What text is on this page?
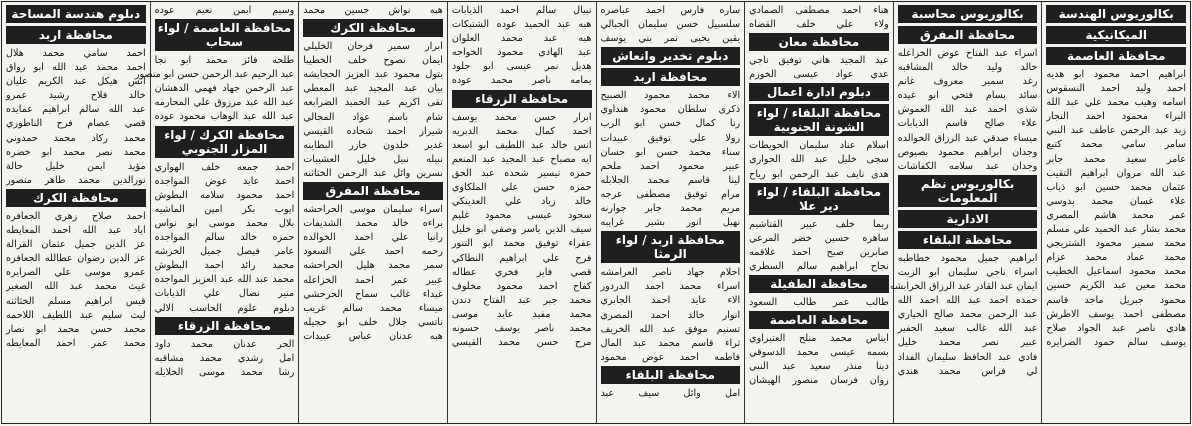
بكالوريوس الهندسة
الميكانيكية
محافظة العاصمة
ابراهيم احمد محمود ابو هديه
احمد وليد احمد النسقوس
اسامه وهيب محمد علي عبد الله
البراء محمود احمد النجار
زيد عبد الرحمن عاطف عبد النبي
سامر سامي محمد كتيع
عامر سعيد محمد جابر
عبد الله مروان ابراهيم التقيب
عثمان محمد حسين ابو ذياب
علاء غسان محمد بدوسي
عمر محمد هاشم المصري
محمد بشار عبد الحميد علي مسلم
محمد سمير محمود الشتريجي
محمد عماد محمد عزام
محمد محمود اسماعيل الخطيب
محمد معين عبد الكريم حسين
محمود جبريل ماجد قاسم
مصطفى احمد يوسف الاطرش
هادي ناصر عبد الجواد صلاح
يوسف سالم حمود الصرايره
بكالوريوس محاسبة
محافظة المفرق
اسراء عبد الفتاح عوض الخزاعله
خالد وليد خالد المشاقبه
رغد سمير معروف غانم
سائد بسام فتحي ابو غيده
شذى احمد عبد الله العموش
علاء صالح قاسم الذيابات
ميساء صدقي عبد الرزاق الخوالده
وجدان ابراهيم محمود بصيوص
وجدان عبد سلامه الكفاشات
بكالوريوس نظم المعلومات
الادارية
محافظة البلقاء
ابراهيم جميل محمود خطاطبه
اسراء ناجي سليمان ابو الزيت
ايمان عبد القادر عبد الرزاق الخرابشه
حمده احمد عبد الله احمد الله
عبد الرحمن محمد صالح الحياري
عبد الله غالب سعيد الجفير
عبير نصر محمد خليل
فادي عبد الحافظ سليمان الفداد
لي فراس محمد هندي
هناء احمد مصطفى الصمادي
ولاء علي خلف القضاه
محافظة معان
عبد المجيد هاني توفيق ناجي
عدي عواد عيسى الخورم
دبلوم ادارة اعمال
محافظة البلقاء / لواء الشونة الجنوبية
اسلام عناد سليمان الحويطات
سجى خليل عبد الله الحواري
هدى نايف عبد الرحمن ابو رياح
محافظة البلقاء / لواء دير علا
ربما خلف عبير القتاشيم
ساهره حسين خضر المرعي
صابرين صبح احمد علاقمه
نجاح ابراهيم سالم السطري
محافظة الطفيلة
طالب عمر طالب السعود
محافظة العاصمة
ايناس محمد منلح العتيراوي
بسمه عيسى محمد الدسوقي
دينا منذر سعيد عبد النبي
روان فرسان منصور الهيشان
ساره فارس احمد عباصره
سلسبيل حسن سليمان الجبالي
يقين يحيى نمر بني يوسف
دبلوم تخدير وانعاش
محافظة اربد
الاء محمد محمود الصبيح
ذكرى سلطان محمود هنداوي
رنا كمال حسن ابو الرب
رولا علي توفيق عبيدات
سناء محمد حسن ابو حسان
عبير محمود احمد ملحم
لينا قاسم محمد الجلابله
مرام توفيق مصطفى عرجه
مريم محمد جابر جوارنه
نهيل انور بشير غرايبه
محافظة اربد / لواء الرمثا
احلام جهاد ناصر العرامشه
اسراء محمد احمد الدردور
الاء عايد احمد الجابري
انوار خالد احمد المصري
تسنيم موفق عبد الله الخريف
ثراء قاسم محمد عبد المال
فاطمه احمد عوض محمود
محافظة البلقاء
امل وائل سيف عبد
نبيال سالم احمد الذيابات
هبه عبد الحميد عوده الشتيكات
هبه عبد محمد العلوان
عبد الهادي محمود الخواجه
هديل نمر عيسى ابو جلود
يمامه ناصر محمد عوده
محافظة الزرقاء
ابرار حسن محمد يوسف
احمد كمال محمد الدبريه
انس خالد عبد اللطيف ابو اسعد
ايه مصباح عبد المجيد عبد المنعم
حمزه تيسير شحده عبد الحق
حمزه حسن علي الملكاوي
خالد زياد علي العدينكي
سجود عيسى محمود غليم
سيف الدين ياسر وصفي ابو خليل
عفراء توفيق محمد ابو التنور
فرح علي ابراهيم النطاكي
قصي فايز فخري عطاله
كفاح احمد محمود مخلوف
محمد جبر عبد الفتاح دندن
محمد مفيد عايد موسى
محمد ناصر يوسف حسونه
مرح حسن محمد القيسي
هبه نواش حسين محمد
محافظة الكرك
ابرار سمير فرحان الخليلي
ايمان نصوح خلف الخطيبا
بتول محمود عبد العزيز الحجايشه
بيان عبد المجيد عبد المعطي
تقى اكريم عبد الحميد الضرابعه
شام باسم عواد المجالي
شيراز احمد شحاده القيسي
غدير خلدون خازر البطاينه
نبيله نبيل خليل العشيبات
نسرين وائل عبد الرحمن الخثاثنه
محافظة المفرق
اسراء سليمان موسى الحراحشه
براءه خالد محمد الشديفات
رانيا علي احمد الخوالده
رحمه احمد علي السعود
سمر محمد هليل الحراحشه
عبير عمر احمد الخزاعله
غيداء غالب سماح الحرحشي
ميساء محمد سالم غريب
ناتسي جلال خلف ابو حجيله
هبه عدنان عباس عبيدات
وسيم ايمن نعيم عوده
محافظة العاصمة / لواء سحاب
طلحه فائز محمد ابو نجا
عبد الرحيم عبد الرحمن حسن ابو منصور
عبد الرحمن جهاد فهمي الدهشان
عبد الله عبد مرزوق علي المحارمه
عبد الله عبد الوهاب محمود عوده
محافظة الكرك / لواء المزار الجنوبي
احمد جمعه خلف الهواري
احمد عايد عوض المواجده
احمد محمود سلامه البطوش
ايوب بكر امين الماشيه
بلال محمد موسى ابو نواس
حمزه خالد سالم المواجده
عامر فيصل جميل الخرشه
محمد رائد احمد البطوش
محمد عبد الله عبد العزيز المواجده
منير نضال علي الذيابات
دبلوم علوم الحاسب الالي
محافظة الزرقاء
الحر عدنان محمد داود
امل رشدي محمد مشاقبه
رشا محمد موسى الخلايله
دبلوم هندسة المساحة
محافظة اربد
احمد سامي محمد هلال
احمد محمد عبد الله ابو رواق
انس هيكل عبد الكريم عليان
خالد فلاح رشيد عمرو
عبد الله سالم ابراهيم عمايده
قصي عصام فرح الناطوري
محمد ركاد محمد حمدوني
محمد نصر محمد ابو خضره
مؤيد ايمن خليل حالة
نورالدين محمد طاهر منصور
محافظة الكرك
احمد صلاح زهري الجعافره
اياد عبد الله احمد المعايطه
عز الدين جميل عثمان القرالة
عز الدين رضوان عطالله الجعافره
عمرو موسى علي الصرايره
غيث محمد عبد الله الصغير
قيس ابراهيم مسلم الخثاثنه
ليث سليم عبد اللطيف اللاحمه
محمد حسن محمد ابو نصار
محمد عمر احمد المعايطه
